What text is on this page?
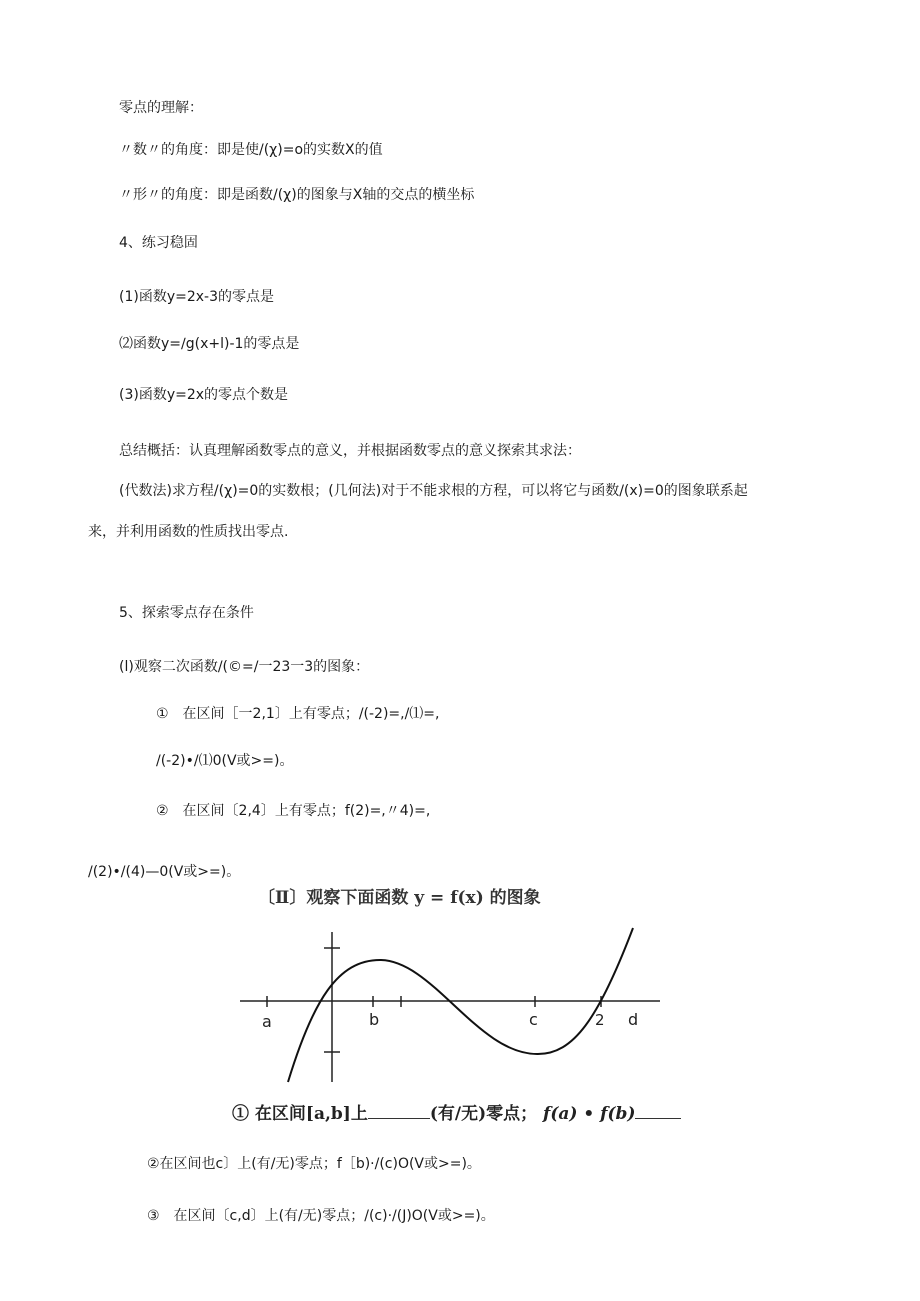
零点的理解：
〃数〃的角度：即是使/(χ)=o的实数X的值
〃形〃的角度：即是函数/(χ)的图象与X轴的交点的横坐标
4、练习稳固
(1)函数y=2x-3的零点是
⑵函数y=∕g(x+l)-1的零点是
(3)函数y=2x的零点个数是
总结概括：认真理解函数零点的意义，并根据函数零点的意义探索其求法：
(代数法)求方程/(χ)=0的实数根；(几何法)对于不能求根的方程，可以将它与函数/(x)=0的图象联系起
来，并利用函数的性质找出零点.
5、探索零点存在条件
(l)观察二次函数/(©=/一23一3的图象：
①　在区间［一2,1〕上有零点；/(-2)=,/⑴=,
/(-2)•/⑴0(V或>=)。
②　在区间〔2,4〕上有零点；f(2)=,〃4)=,
/(2)•/(4)—0(V或>=)。
〔Ⅱ〕观察下面函数 y = f(x) 的图象
a	b	c	2 d
① 在区间[a,b]上	(有/无)零点； f(a) • f(b)
②在区间也c〕上(有/无)零点；f［b)·/(c)O(V或>=)。
③　在区间〔c,d〕上(有/无)零点；/(c)·/(J)O(V或>=)。
